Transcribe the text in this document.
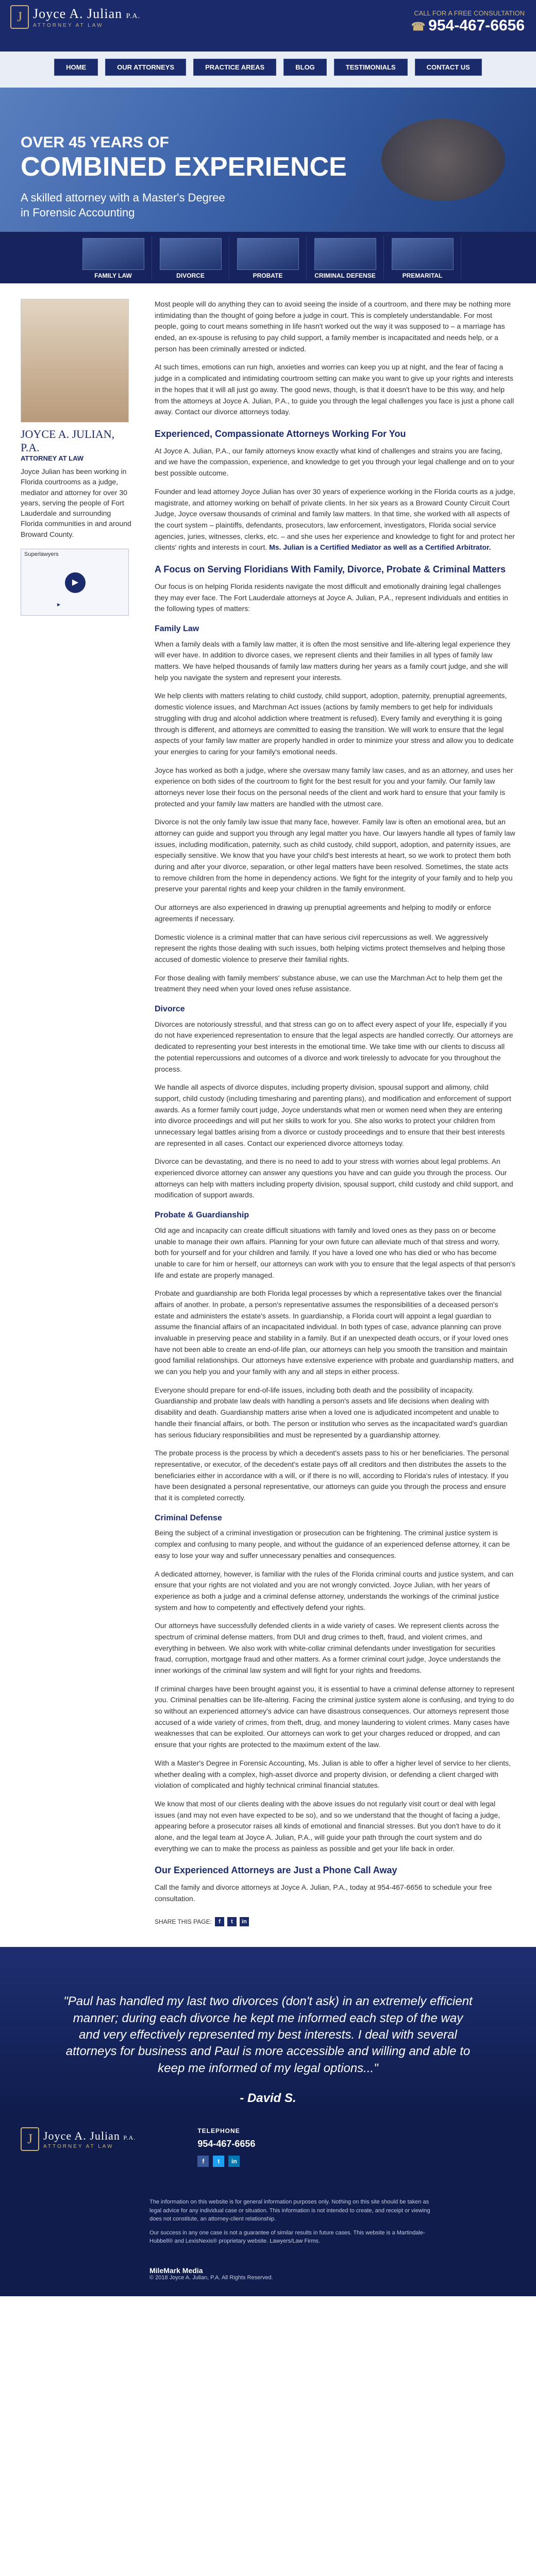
J Joyce A. Julian P.A.
ATTORNEY AT LAW
CALL FOR A FREE CONSULTATION
☎ 954-467-6656
HOME	OUR ATTORNEYS	PRACTICE AREAS	BLOG	TESTIMONIALS	CONTACT US
OVER 45 YEARS OF
COMBINED EXPERIENCE
A skilled attorney with a Master's Degree
in Forensic Accounting
FAMILY LAW	DIVORCE	PROBATE	CRIMINAL DEFENSE	PREMARITAL
JOYCE A. JULIAN, P.A.
ATTORNEY AT LAW
Joyce Julian has been working in Florida courtrooms as a judge, mediator and attorney for over 30 years, serving the people of Fort Lauderdale and surrounding Florida communities in and around Broward County.
Superlawyers
▶
▸

Most people will do anything they can to avoid seeing the inside of a courtroom, and there may be nothing more intimidating than the thought of going before a judge in court. This is completely understandable. For most people, going to court means something in life hasn't worked out the way it was supposed to – a marriage has ended, an ex-spouse is refusing to pay child support, a family member is incapacitated and needs help, or a person has been criminally arrested or indicted.

At such times, emotions can run high, anxieties and worries can keep you up at night, and the fear of facing a judge in a complicated and intimidating courtroom setting can make you want to give up your rights and interests in the hopes that it will all just go away. The good news, though, is that it doesn't have to be this way, and help from the attorneys at Joyce A. Julian, P.A., to guide you through the legal challenges you face is just a phone call away. Contact our divorce attorneys today.

Experienced, Compassionate Attorneys Working For You

At Joyce A. Julian, P.A., our family attorneys know exactly what kind of challenges and strains you are facing, and we have the compassion, experience, and knowledge to get you through your legal challenge and on to your best possible outcome.

Founder and lead attorney Joyce Julian has over 30 years of experience working in the Florida courts as a judge, magistrate, and attorney working on behalf of private clients. In her six years as a Broward County Circuit Court Judge, Joyce oversaw thousands of criminal and family law matters. In that time, she worked with all aspects of the court system – plaintiffs, defendants, prosecutors, law enforcement, investigators, Florida social service agencies, juries, witnesses, clerks, etc. – and she uses her experience and knowledge to fight for and protect her clients' rights and interests in court. Ms. Julian is a Certified Mediator as well as a Certified Arbitrator.

A Focus on Serving Floridians With Family, Divorce, Probate & Criminal Matters

Our focus is on helping Florida residents navigate the most difficult and emotionally draining legal challenges they may ever face. The Fort Lauderdale attorneys at Joyce A. Julian, P.A., represent individuals and entities in the following types of matters:

Family Law

When a family deals with a family law matter, it is often the most sensitive and life-altering legal experience they will ever have. In addition to divorce cases, we represent clients and their families in all types of family law matters. We have helped thousands of family law matters during her years as a family court judge, and she will help you navigate the system and represent your interests.

We help clients with matters relating to child custody, child support, adoption, paternity, prenuptial agreements, domestic violence issues, and Marchman Act issues (actions by family members to get help for individuals struggling with drug and alcohol addiction where treatment is refused). Every family and everything it is going through is different, and attorneys are committed to easing the transition. We will work to ensure that the legal aspects of your family law matter are properly handled in order to minimize your stress and allow you to dedicate your energies to caring for your family's emotional needs.

Joyce has worked as both a judge, where she oversaw many family law cases, and as an attorney, and uses her experience on both sides of the courtroom to fight for the best result for you and your family. Our family law attorneys never lose their focus on the personal needs of the client and work hard to ensure that your family is protected and your family law matters are handled with the utmost care.

Divorce is not the only family law issue that many face, however. Family law is often an emotional area, but an attorney can guide and support you through any legal matter you have. Our lawyers handle all types of family law issues, including modification, paternity, such as child custody, child support, adoption, and paternity issues, are especially sensitive. We know that you have your child's best interests at heart, so we work to protect them both during and after your divorce, separation, or other legal matters have been resolved. Sometimes, the state acts to remove children from the home in dependency actions. We fight for the integrity of your family and to help you preserve your parental rights and keep your children in the family environment.

Our attorneys are also experienced in drawing up prenuptial agreements and helping to modify or enforce agreements if necessary.

Domestic violence is a criminal matter that can have serious civil repercussions as well. We aggressively represent the rights those dealing with such issues, both helping victims protect themselves and helping those accused of domestic violence to preserve their familial rights.

For those dealing with family members' substance abuse, we can use the Marchman Act to help them get the treatment they need when your loved ones refuse assistance.

Divorce

Divorces are notoriously stressful, and that stress can go on to affect every aspect of your life, especially if you do not have experienced representation to ensure that the legal aspects are handled correctly. Our attorneys are dedicated to representing your best interests in the emotional time. We take time with our clients to discuss all the potential repercussions and outcomes of a divorce and work tirelessly to advocate for you throughout the process.

We handle all aspects of divorce disputes, including property division, spousal support and alimony, child support, child custody (including timesharing and parenting plans), and modification and enforcement of support awards. As a former family court judge, Joyce understands what men or women need when they are entering into divorce proceedings and will put her skills to work for you. She also works to protect your children from unnecessary legal battles arising from a divorce or custody proceedings and to ensure that their best interests are represented in all cases. Contact our experienced divorce attorneys today.

Divorce can be devastating, and there is no need to add to your stress with worries about legal problems. An experienced divorce attorney can answer any questions you have and can guide you through the process. Our attorneys can help with matters including property division, spousal support, child custody and child support, and modification of support awards.

Probate & Guardianship

Old age and incapacity can create difficult situations with family and loved ones as they pass on or become unable to manage their own affairs. Planning for your own future can alleviate much of that stress and worry, both for yourself and for your children and family. If you have a loved one who has died or who has become unable to care for him or herself, our attorneys can work with you to ensure that the legal aspects of that person's life and estate are properly managed.

Probate and guardianship are both Florida legal processes by which a representative takes over the financial affairs of another. In probate, a person's representative assumes the responsibilities of a deceased person's estate and administers the estate's assets. In guardianship, a Florida court will appoint a legal guardian to assume the financial affairs of an incapacitated individual. In both types of case, advance planning can prove invaluable in preserving peace and stability in a family. But if an unexpected death occurs, or if your loved ones have not been able to create an end-of-life plan, our attorneys can help you smooth the transition and maintain good familial relationships. Our attorneys have extensive experience with probate and guardianship matters, and we can you help you and your family with any and all steps in either process.

Everyone should prepare for end-of-life issues, including both death and the possibility of incapacity. Guardianship and probate law deals with handling a person's assets and life decisions when dealing with disability and death. Guardianship matters arise when a loved one is adjudicated incompetent and unable to handle their financial affairs, or both. The person or institution who serves as the incapacitated ward's guardian has serious fiduciary responsibilities and must be represented by a guardianship attorney.

The probate process is the process by which a decedent's assets pass to his or her beneficiaries. The personal representative, or executor, of the decedent's estate pays off all creditors and then distributes the assets to the beneficiaries either in accordance with a will, or if there is no will, according to Florida's rules of intestacy. If you have been designated a personal representative, our attorneys can guide you through the process and ensure that it is completed correctly.

Criminal Defense

Being the subject of a criminal investigation or prosecution can be frightening. The criminal justice system is complex and confusing to many people, and without the guidance of an experienced defense attorney, it can be easy to lose your way and suffer unnecessary penalties and consequences.

A dedicated attorney, however, is familiar with the rules of the Florida criminal courts and justice system, and can ensure that your rights are not violated and you are not wrongly convicted. Joyce Julian, with her years of experience as both a judge and a criminal defense attorney, understands the workings of the criminal justice system and how to competently and effectively defend your rights.

Our attorneys have successfully defended clients in a wide variety of cases. We represent clients across the spectrum of criminal defense matters, from DUI and drug crimes to theft, fraud, and violent crimes, and everything in between. We also work with white-collar criminal defendants under investigation for securities fraud, corruption, mortgage fraud and other matters. As a former criminal court judge, Joyce understands the inner workings of the criminal law system and will fight for your rights and freedoms.

If criminal charges have been brought against you, it is essential to have a criminal defense attorney to represent you. Criminal penalties can be life-altering. Facing the criminal justice system alone is confusing, and trying to do so without an experienced attorney's advice can have disastrous consequences. Our attorneys represent those accused of a wide variety of crimes, from theft, drug, and money laundering to violent crimes. Many cases have weaknesses that can be exploited. Our attorneys can work to get your charges reduced or dropped, and can ensure that your rights are protected to the maximum extent of the law.

With a Master's Degree in Forensic Accounting, Ms. Julian is able to offer a higher level of service to her clients, whether dealing with a complex, high-asset divorce and property division, or defending a client charged with violation of complicated and highly technical criminal financial statutes.

We know that most of our clients dealing with the above issues do not regularly visit court or deal with legal issues (and may not even have expected to be so), and so we understand that the thought of facing a judge, appearing before a prosecutor raises all kinds of emotional and financial stresses. But you don't have to do it alone, and the legal team at Joyce A. Julian, P.A., will guide your path through the court system and do everything we can to make the process as painless as possible and get your life back in order.

Our Experienced Attorneys are Just a Phone Call Away

Call the family and divorce attorneys at Joyce A. Julian, P.A., today at 954-467-6656 to schedule your free consultation.

SHARE THIS PAGE:	f	t	in
"Paul has handled my last two divorces (don't ask) in an extremely efficient manner; during each divorce he kept me informed each step of the way and very effectively represented my best interests. I deal with several attorneys for business and Paul is more accessible and willing and able to keep me informed of my legal options..."
- David S.
J Joyce A. Julian P.A.
ATTORNEY AT LAW
TELEPHONE
954-467-6656
f	t	in

The information on this website is for general information purposes only. Nothing on this site should be taken as legal advice for any individual case or situation. This information is not intended to create, and receipt or viewing does not constitute, an attorney-client relationship.

Our success in any one case is not a guarantee of similar results in future cases. This website is a Martindale-Hubbell® and LexisNexis® proprietary website. Lawyers/Law Firms.

MileMark Media
© 2018 Joyce A. Julian, P.A. All Rights Reserved.
